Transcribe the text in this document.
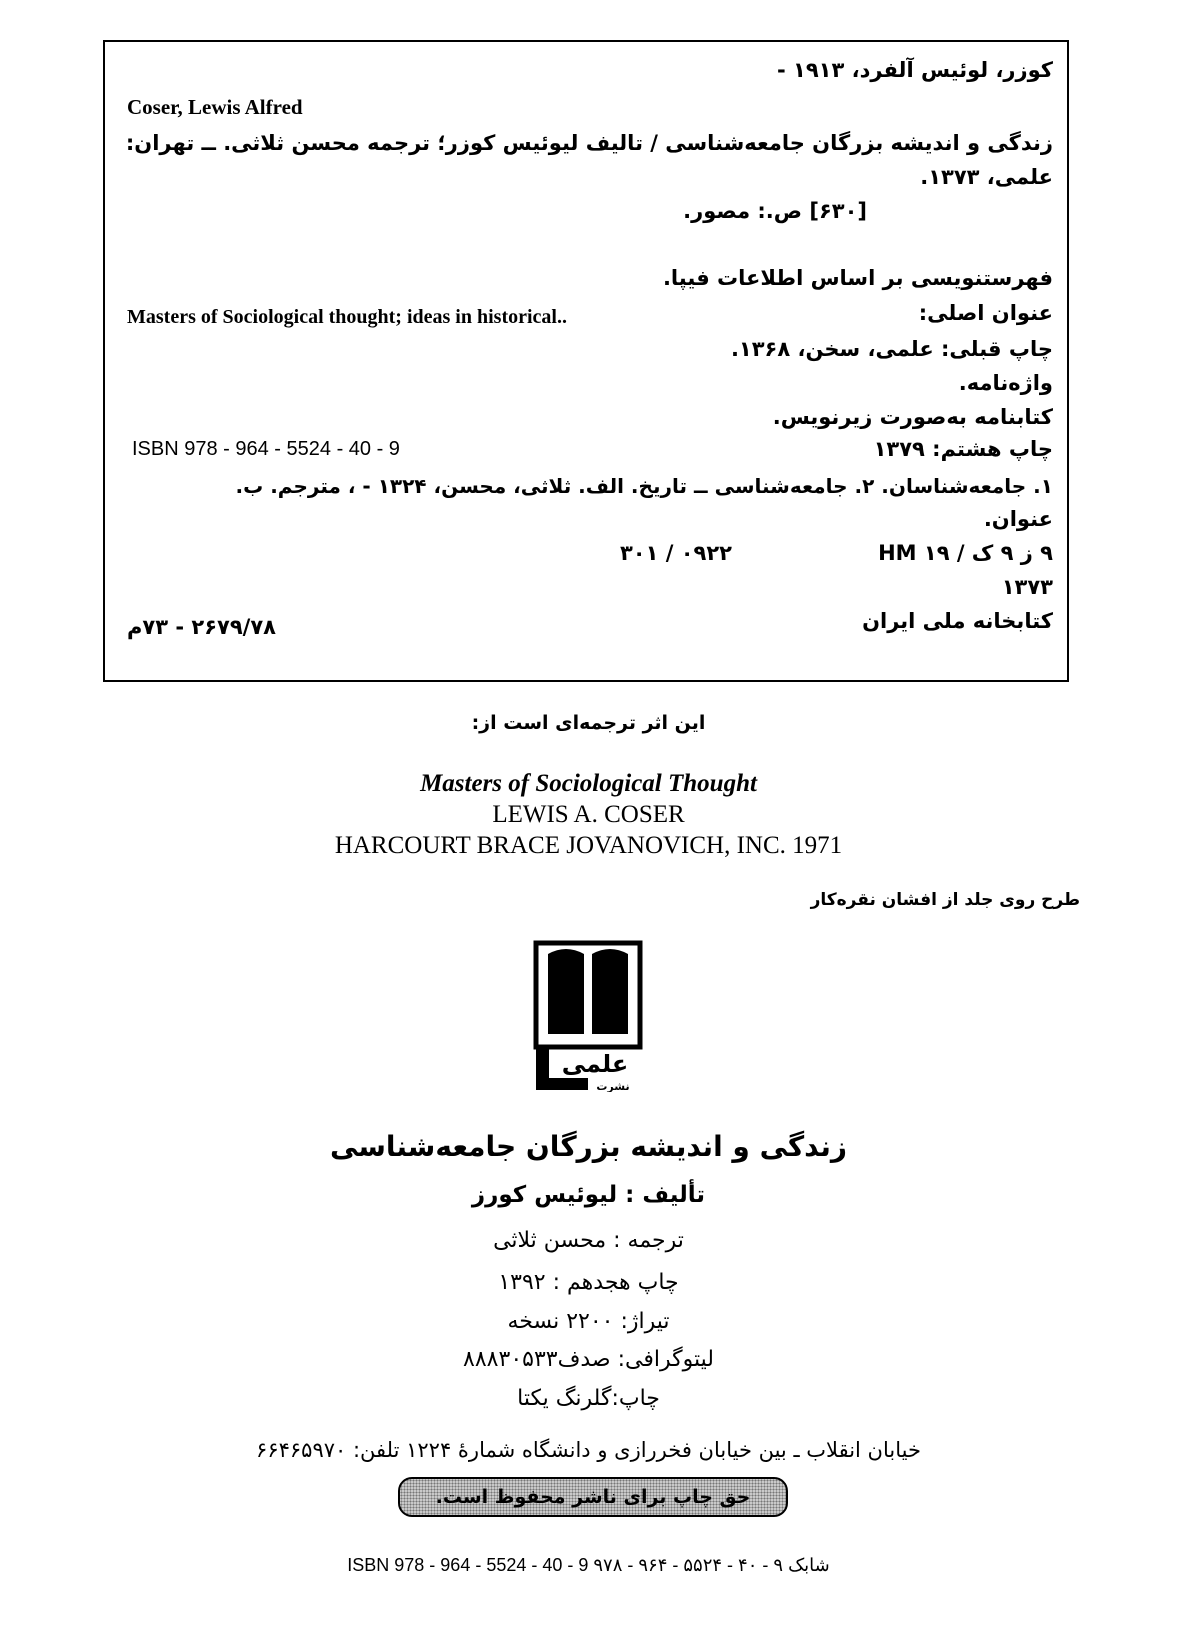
کوزر، لوئیس آلفرد، ۱۹۱۳ -
Coser, Lewis Alfred
زندگی و اندیشه بزرگان جامعه‌شناسی / تالیف لیوئیس کوزر؛ ترجمه محسن ثلاثی. ــ تهران:
علمی، ۱۳۷۳.
[۶۳۰] ص.: مصور.
فهرستنویسی بر اساس اطلاعات فیپا.
عنوان اصلی:
Masters of Sociological thought; ideas in historical..
چاپ قبلی: علمی، سخن، ۱۳۶۸.
واژه‌نامه.
کتابنامه به‌صورت زیرنویس.
چاپ هشتم: ۱۳۷۹
ISBN 978 - 964 - 5524 - 40 - 9
۱. جامعه‌شناسان. ۲. جامعه‌شناسی ــ تاریخ. الف. ثلاثی، محسن، ۱۳۲۴ - ، مترجم. ب.
عنوان.
۹ ز ۹ ک / HM ۱۹
۳۰۱ / ۰۹۲۲
۱۳۷۳
کتابخانه ملی ایران
۲۶۷۹/۷۸ - ۷۳م
این اثر ترجمه‌ای است از:
Masters of Sociological Thought
LEWIS A. COSER
HARCOURT BRACE JOVANOVICH, INC. 1971
طرح روی جلد از افشان نقره‌کار
علمی
نشرت
زندگی و اندیشه بزرگان جامعه‌شناسی
تألیف : لیوئیس کورز
ترجمه : محسن ثلاثی
چاپ هجدهم : ۱۳۹۲
تیراژ: ۲۲۰۰ نسخه
لیتوگرافی: صدف۸۸۸۳۰۵۳۳
چاپ:گلرنگ یکتا
خیابان انقلاب ـ بین خیابان فخررازی و دانشگاه شمارهٔ ۱۲۲۴ تلفن: ۶۶۴۶۵۹۷۰
حق چاپ برای ناشر محفوظ است.
ISBN 978 - 964 - 5524 - 40 - 9 ۹۷۸ - ۹۶۴ - ۵۵۲۴ - ۴۰ - ۹ شابک
